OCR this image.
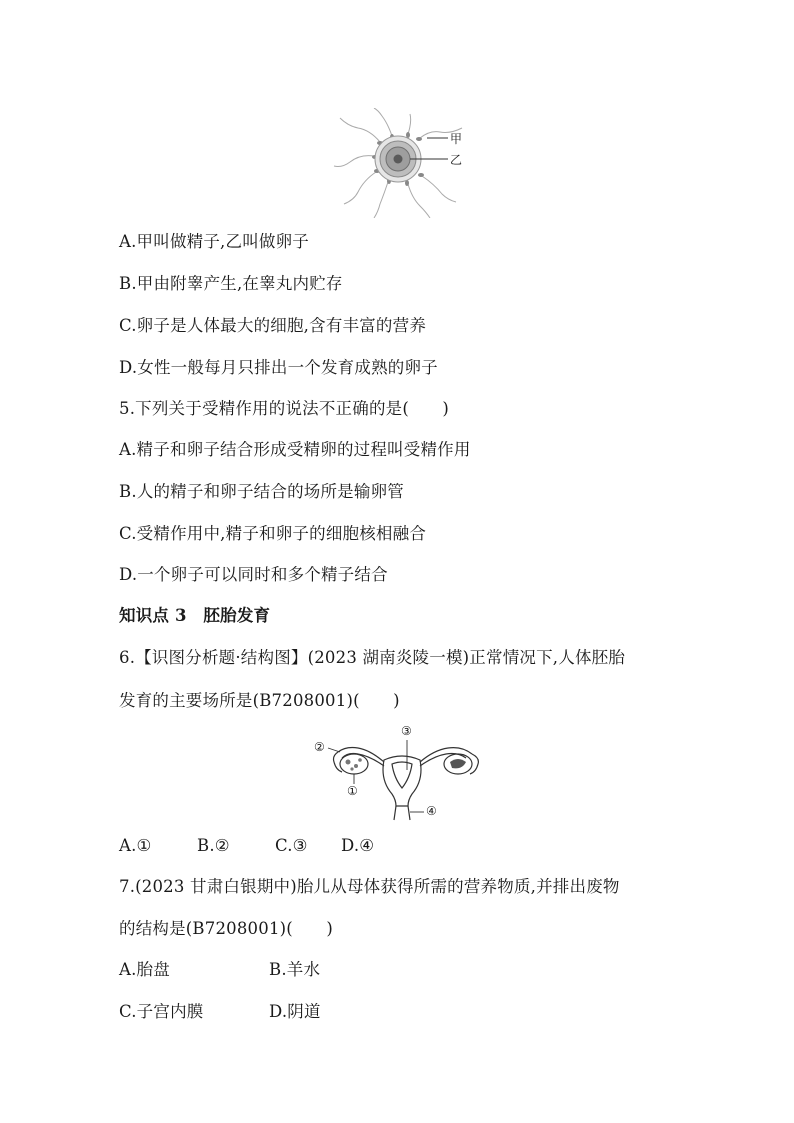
甲
乙
A.甲叫做精子,乙叫做卵子
B.甲由附睾产生,在睾丸内贮存
C.卵子是人体最大的细胞,含有丰富的营养
D.女性一般每月只排出一个发育成熟的卵子
5.下列关于受精作用的说法不正确的是(　　)
A.精子和卵子结合形成受精卵的过程叫受精作用
B.人的精子和卵子结合的场所是输卵管
C.受精作用中,精子和卵子的细胞核相融合
D.一个卵子可以同时和多个精子结合
知识点 3　胚胎发育
6.【识图分析题·结构图】(2023 湖南炎陵一模)正常情况下,人体胚胎
发育的主要场所是(B7208001)(　　)
②
①
③
④
A.①	B.②	C.③ D.④
7.(2023 甘肃白银期中)胎儿从母体获得所需的营养物质,并排出废物
的结构是(B7208001)(　　)
A.胎盘	B.羊水
C.子宫内膜	D.阴道
